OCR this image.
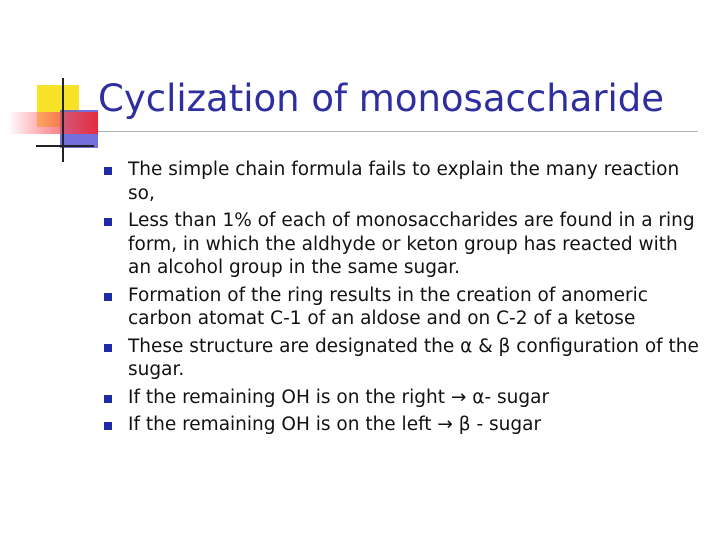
Cyclization of monosaccharide
The simple chain formula fails to explain the many reaction so,
Less than 1% of each of monosaccharides are found in a ring form, in which the aldhyde or keton group has reacted with an alcohol group in the same sugar.
Formation of the ring results in the creation of anomeric carbon atomat C-1 of an aldose and on C-2 of a ketose
These structure are designated the α & β configuration of the sugar.
If the remaining OH is on the right → α- sugar
If the remaining OH is on the left → β - sugar
